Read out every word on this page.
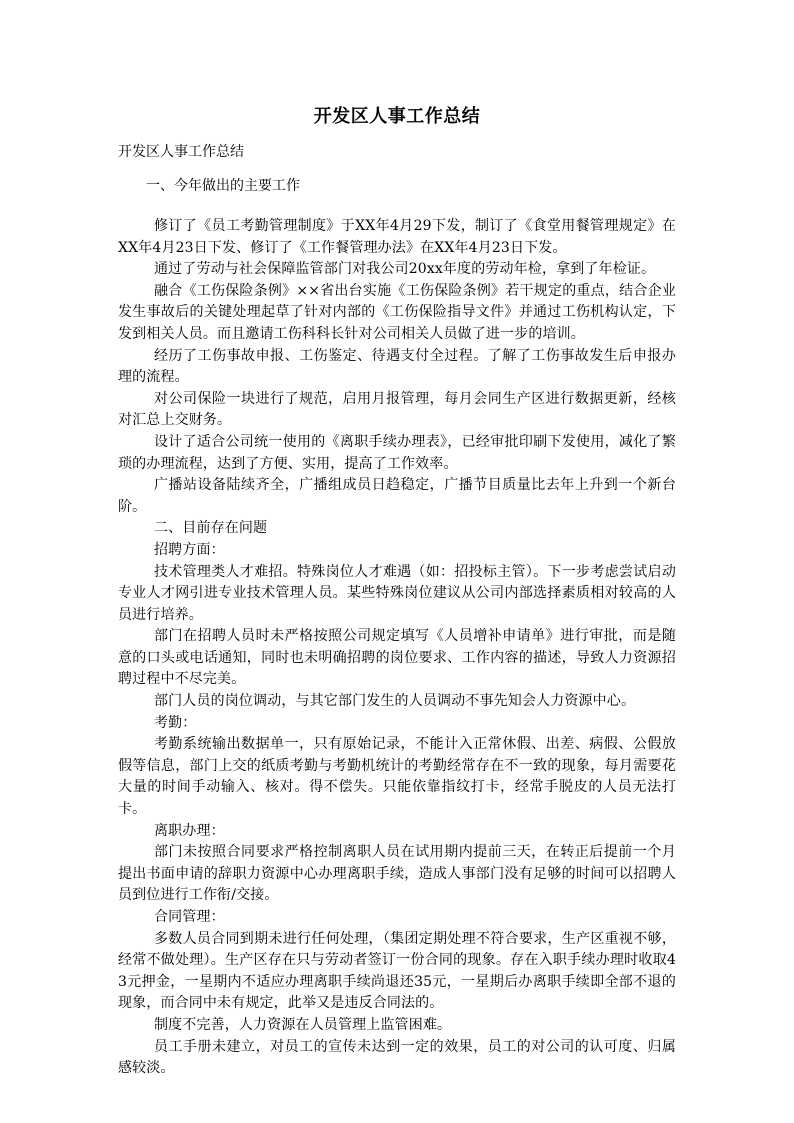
开发区人事工作总结
开发区人事工作总结
一、今年做出的主要工作

修订了《员工考勤管理制度》于XX年4月29下发，制订了《食堂用餐管理规定》在XX年4月23日下发、修订了《工作餐管理办法》在XX年4月23日下发。

通过了劳动与社会保障监管部门对我公司20xx年度的劳动年检，拿到了年检证。

融合《工伤保险条例》××省出台实施《工伤保险条例》若干规定的重点，结合企业发生事故后的关键处理起草了针对内部的《工伤保险指导文件》并通过工伤机构认定，下发到相关人员。而且邀请工伤科科长针对公司相关人员做了进一步的培训。

经历了工伤事故申报、工伤鉴定、待遇支付全过程。了解了工伤事故发生后申报办理的流程。

对公司保险一块进行了规范，启用月报管理，每月会同生产区进行数据更新，经核对汇总上交财务。

设计了适合公司统一使用的《离职手续办理表》，已经审批印刷下发使用，减化了繁琐的办理流程，达到了方便、实用，提高了工作效率。

广播站设备陆续齐全，广播组成员日趋稳定，广播节目质量比去年上升到一个新台阶。

二、目前存在问题

招聘方面：

技术管理类人才难招。特殊岗位人才难遇（如：招投标主管）。下一步考虑尝试启动专业人才网引进专业技术管理人员。某些特殊岗位建议从公司内部选择素质相对较高的人员进行培养。

部门在招聘人员时未严格按照公司规定填写《人员增补申请单》进行审批，而是随意的口头或电话通知，同时也未明确招聘的岗位要求、工作内容的描述，导致人力资源招聘过程中不尽完美。

部门人员的岗位调动，与其它部门发生的人员调动不事先知会人力资源中心。

考勤：

考勤系统输出数据单一，只有原始记录，不能计入正常休假、出差、病假、公假放假等信息，部门上交的纸质考勤与考勤机统计的考勤经常存在不一致的现象，每月需要花大量的时间手动输入、核对。得不偿失。只能依靠指纹打卡，经常手脱皮的人员无法打卡。

离职办理：

部门未按照合同要求严格控制离职人员在试用期内提前三天，在转正后提前一个月提出书面申请的辞职力资源中心办理离职手续，造成人事部门没有足够的时间可以招聘人员到位进行工作衔/交接。

合同管理：

多数人员合同到期未进行任何处理，（集团定期处理不符合要求，生产区重视不够，经常不做处理）。生产区存在只与劳动者签订一份合同的现象。存在入职手续办理时收取43元押金，一星期内不适应办理离职手续尚退还35元，一星期后办离职手续即全部不退的现象，而合同中未有规定，此举又是违反合同法的。

制度不完善，人力资源在人员管理上监管困难。

员工手册未建立，对员工的宣传未达到一定的效果，员工的对公司的认可度、归属感较淡。
